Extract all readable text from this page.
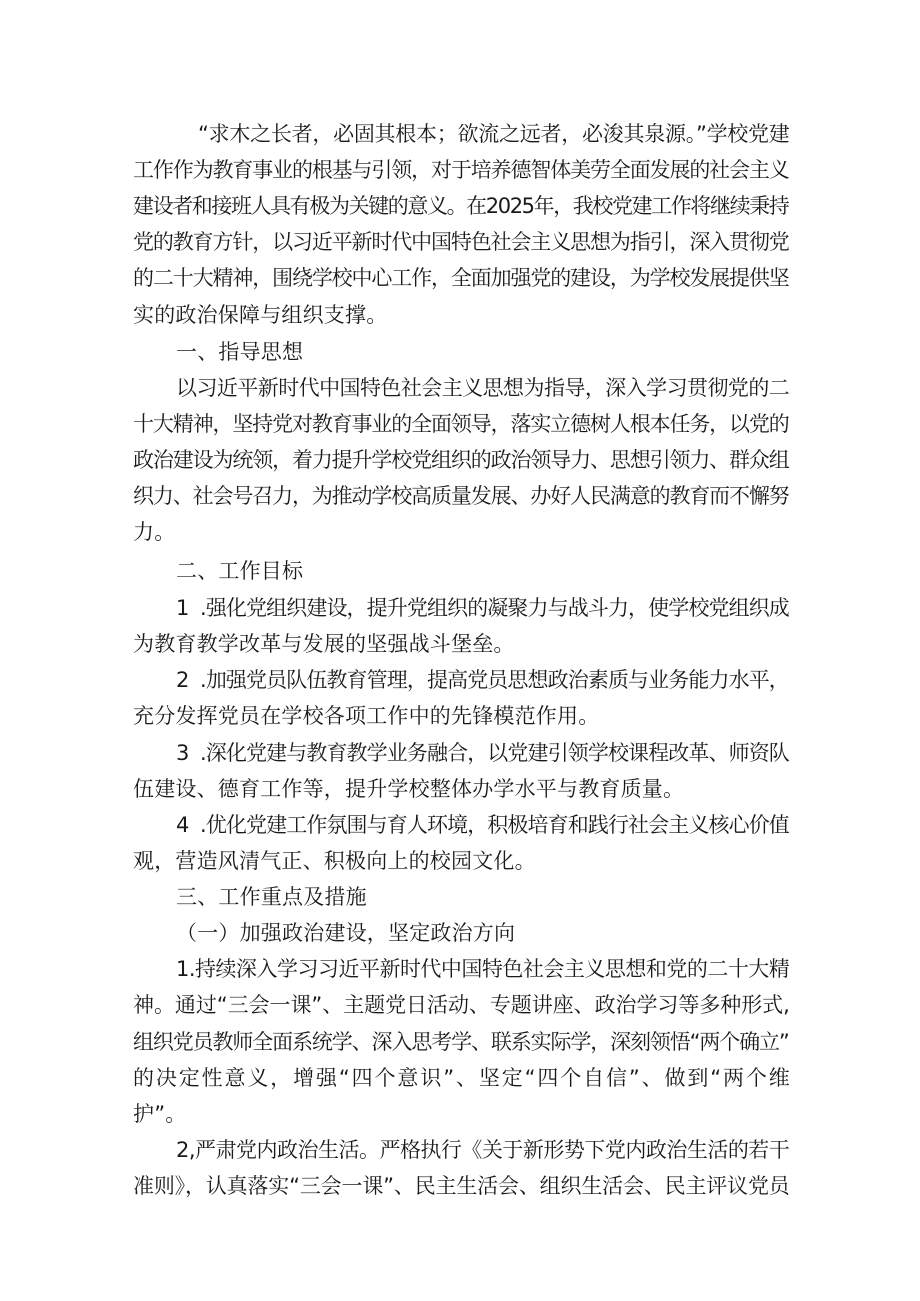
“求木之长者，必固其根本；欲流之远者，必浚其泉源。”学校党建
工作作为教育事业的根基与引领，对于培养德智体美劳全面发展的社会主义
建设者和接班人具有极为关键的意义。在2025年，我校党建工作将继续秉持
党的教育方针，以习近平新时代中国特色社会主义思想为指引，深入贯彻党
的二十大精神，围绕学校中心工作，全面加强党的建设，为学校发展提供坚
实的政治保障与组织支撑。
一、指导思想
以习近平新时代中国特色社会主义思想为指导，深入学习贯彻党的二
十大精神，坚持党对教育事业的全面领导，落实立德树人根本任务，以党的
政治建设为统领，着力提升学校党组织的政治领导力、思想引领力、群众组
织力、社会号召力，为推动学校高质量发展、办好人民满意的教育而不懈努
力。
二、工作目标
1  .强化党组织建设，提升党组织的凝聚力与战斗力，使学校党组织成
为教育教学改革与发展的坚强战斗堡垒。
2  .加强党员队伍教育管理，提高党员思想政治素质与业务能力水平，
充分发挥党员在学校各项工作中的先锋模范作用。
3  .深化党建与教育教学业务融合，以党建引领学校课程改革、师资队
伍建设、德育工作等，提升学校整体办学水平与教育质量。
4  .优化党建工作氛围与育人环境，积极培育和践行社会主义核心价值
观，营造风清气正、积极向上的校园文化。
三、工作重点及措施
（一）加强政治建设，坚定政治方向
1.持续深入学习习近平新时代中国特色社会主义思想和党的二十大精
神。通过“三会一课”、主题党日活动、专题讲座、政治学习等多种形式,
组织党员教师全面系统学、深入思考学、联系实际学，深刻领悟“两个确立”
的决定性意义，增强“四个意识”、坚定“四个自信”、做到“两个维
护”。
2,严肃党内政治生活。严格执行《关于新形势下党内政治生活的若干
准则》，认真落实“三会一课”、民主生活会、组织生活会、民主评议党员
